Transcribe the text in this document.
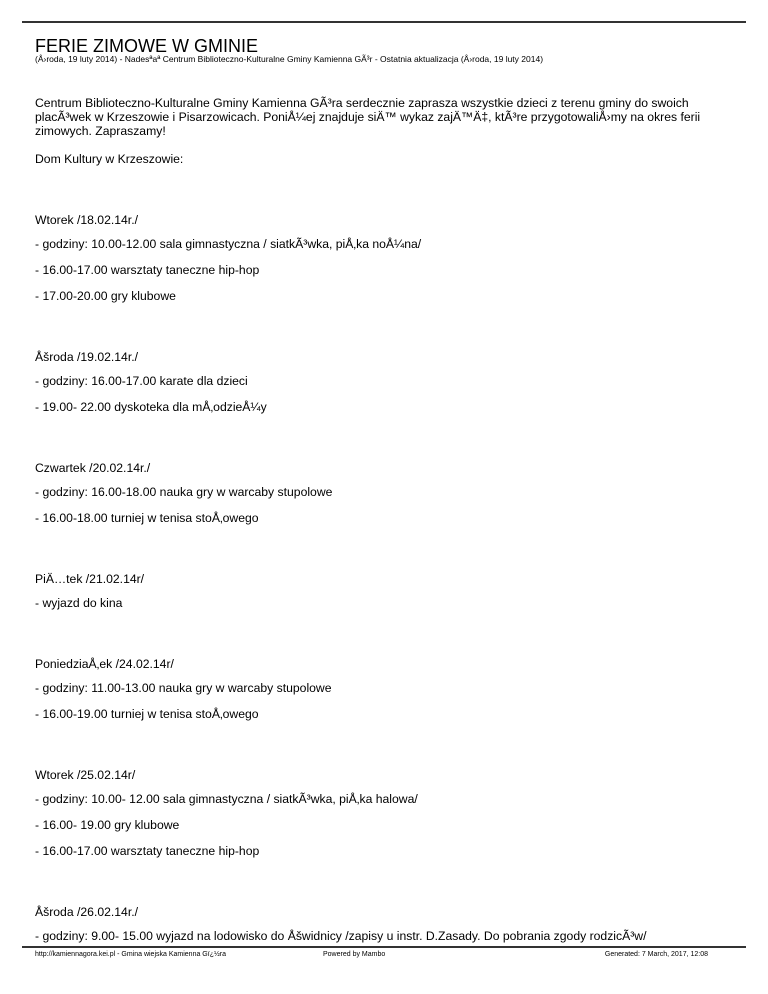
FERIE ZIMOWE W GMINIE
(Å›roda, 19 luty 2014) - Nadesªaª Centrum Biblioteczno-Kulturalne Gminy Kamienna GÃ³r - Ostatnia aktualizacja (Å›roda, 19 luty 2014)

Centrum Biblioteczno-Kulturalne Gminy Kamienna GÃ³ra serdecznie zaprasza wszystkie dzieci z terenu gminy do swoich placÃ³wek w Krzeszowie i Pisarzowicach. PoniÅ¼ej znajduje siÄ™ wykaz zajÄ™Ä‡, ktÃ³re przygotowaliÅ›my na okres ferii zimowych. Zapraszamy!

Dom Kultury w Krzeszowie:

Wtorek /18.02.14r./

- godziny: 10.00-12.00 sala gimnastyczna / siatkÃ³wka, piÅ‚ka noÅ¼na/

- 16.00-17.00 warsztaty taneczne hip-hop

- 17.00-20.00 gry klubowe

Åšroda /19.02.14r./

- godziny: 16.00-17.00 karate dla dzieci

- 19.00- 22.00 dyskoteka dla mÅ‚odzieÅ¼y

Czwartek /20.02.14r./

- godziny: 16.00-18.00 nauka gry w warcaby stupolowe

- 16.00-18.00 turniej w tenisa stoÅ‚owego

PiÄ…tek /21.02.14r/

- wyjazd do kina

PoniedziaÅ‚ek /24.02.14r/

- godziny: 11.00-13.00 nauka gry w warcaby stupolowe

- 16.00-19.00 turniej w tenisa stoÅ‚owego

Wtorek /25.02.14r/

- godziny: 10.00- 12.00 sala gimnastyczna / siatkÃ³wka, piÅ‚ka halowa/

- 16.00- 19.00 gry klubowe

- 16.00-17.00 warsztaty taneczne hip-hop

Åšroda /26.02.14r./

- godziny: 9.00- 15.00 wyjazd na lodowisko do Åšwidnicy /zapisy u instr. D.Zasady. Do pobrania zgody rodzicÃ³w/

http://kamiennagora.kei.pl - Gmina wiejska Kamienna Gï¿½ra	Powered by Mambo	Generated: 7 March, 2017, 12:08
